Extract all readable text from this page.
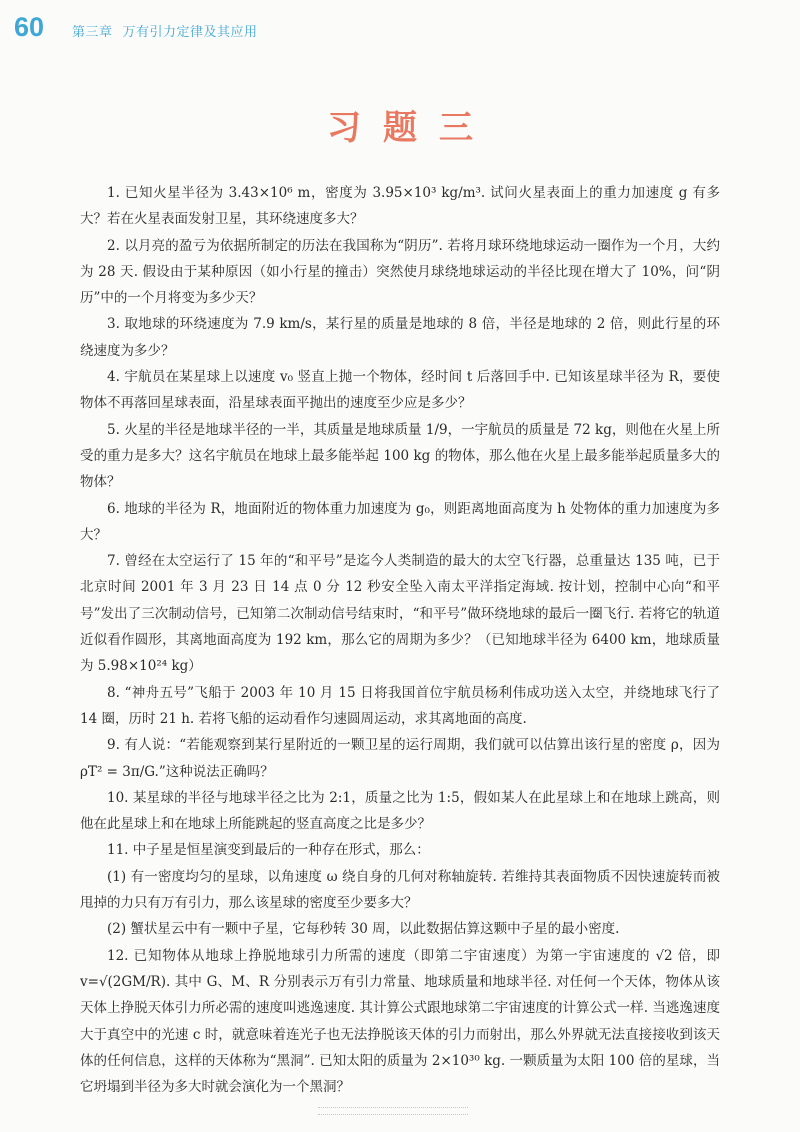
60 第三章 万有引力定律及其应用
习题三

1. 已知火星半径为 3.43×10⁶ m，密度为 3.95×10³ kg/m³. 试问火星表面上的重力加速度 g 有多大？若在火星表面发射卫星，其环绕速度多大？

2. 以月亮的盈亏为依据所制定的历法在我国称为“阴历”. 若将月球环绕地球运动一圈作为一个月，大约为 28 天. 假设由于某种原因（如小行星的撞击）突然使月球绕地球运动的半径比现在增大了 10%，问“阴历”中的一个月将变为多少天？

3. 取地球的环绕速度为 7.9 km/s，某行星的质量是地球的 8 倍，半径是地球的 2 倍，则此行星的环绕速度为多少？

4. 宇航员在某星球上以速度 v₀ 竖直上抛一个物体，经时间 t 后落回手中. 已知该星球半径为 R，要使物体不再落回星球表面，沿星球表面平抛出的速度至少应是多少？

5. 火星的半径是地球半径的一半，其质量是地球质量 1/9，一宇航员的质量是 72 kg，则他在火星上所受的重力是多大？这名宇航员在地球上最多能举起 100 kg 的物体，那么他在火星上最多能举起质量多大的物体？

6. 地球的半径为 R，地面附近的物体重力加速度为 g₀，则距离地面高度为 h 处物体的重力加速度为多大？

7. 曾经在太空运行了 15 年的“和平号”是迄今人类制造的最大的太空飞行器，总重量达 135 吨，已于北京时间 2001 年 3 月 23 日 14 点 0 分 12 秒安全坠入南太平洋指定海域. 按计划，控制中心向“和平号”发出了三次制动信号，已知第二次制动信号结束时，“和平号”做环绕地球的最后一圈飞行. 若将它的轨道近似看作圆形，其离地面高度为 192 km，那么它的周期为多少？（已知地球半径为 6400 km，地球质量为 5.98×10²⁴ kg）

8. “神舟五号”飞船于 2003 年 10 月 15 日将我国首位宇航员杨利伟成功送入太空，并绕地球飞行了 14 圈，历时 21 h. 若将飞船的运动看作匀速圆周运动，求其离地面的高度.

9. 有人说：“若能观察到某行星附近的一颗卫星的运行周期，我们就可以估算出该行星的密度 ρ，因为 ρT² = 3π/G.”这种说法正确吗？

10. 某星球的半径与地球半径之比为 2:1，质量之比为 1:5，假如某人在此星球上和在地球上跳高，则他在此星球上和在地球上所能跳起的竖直高度之比是多少？

11. 中子星是恒星演变到最后的一种存在形式，那么：

(1) 有一密度均匀的星球，以角速度 ω 绕自身的几何对称轴旋转. 若维持其表面物质不因快速旋转而被甩掉的力只有万有引力，那么该星球的密度至少要多大？

(2) 蟹状星云中有一颗中子星，它每秒转 30 周，以此数据估算这颗中子星的最小密度.

12. 已知物体从地球上挣脱地球引力所需的速度（即第二宇宙速度）为第一宇宙速度的 √2 倍，即 v=√(2GM/R). 其中 G、M、R 分别表示万有引力常量、地球质量和地球半径. 对任何一个天体，物体从该天体上挣脱天体引力所必需的速度叫逃逸速度. 其计算公式跟地球第二宇宙速度的计算公式一样. 当逃逸速度大于真空中的光速 c 时，就意味着连光子也无法挣脱该天体的引力而射出，那么外界就无法直接接收到该天体的任何信息，这样的天体称为“黑洞”. 已知太阳的质量为 2×10³⁰ kg. 一颗质量为太阳 100 倍的星球，当它坍塌到半径为多大时就会演化为一个黑洞？
